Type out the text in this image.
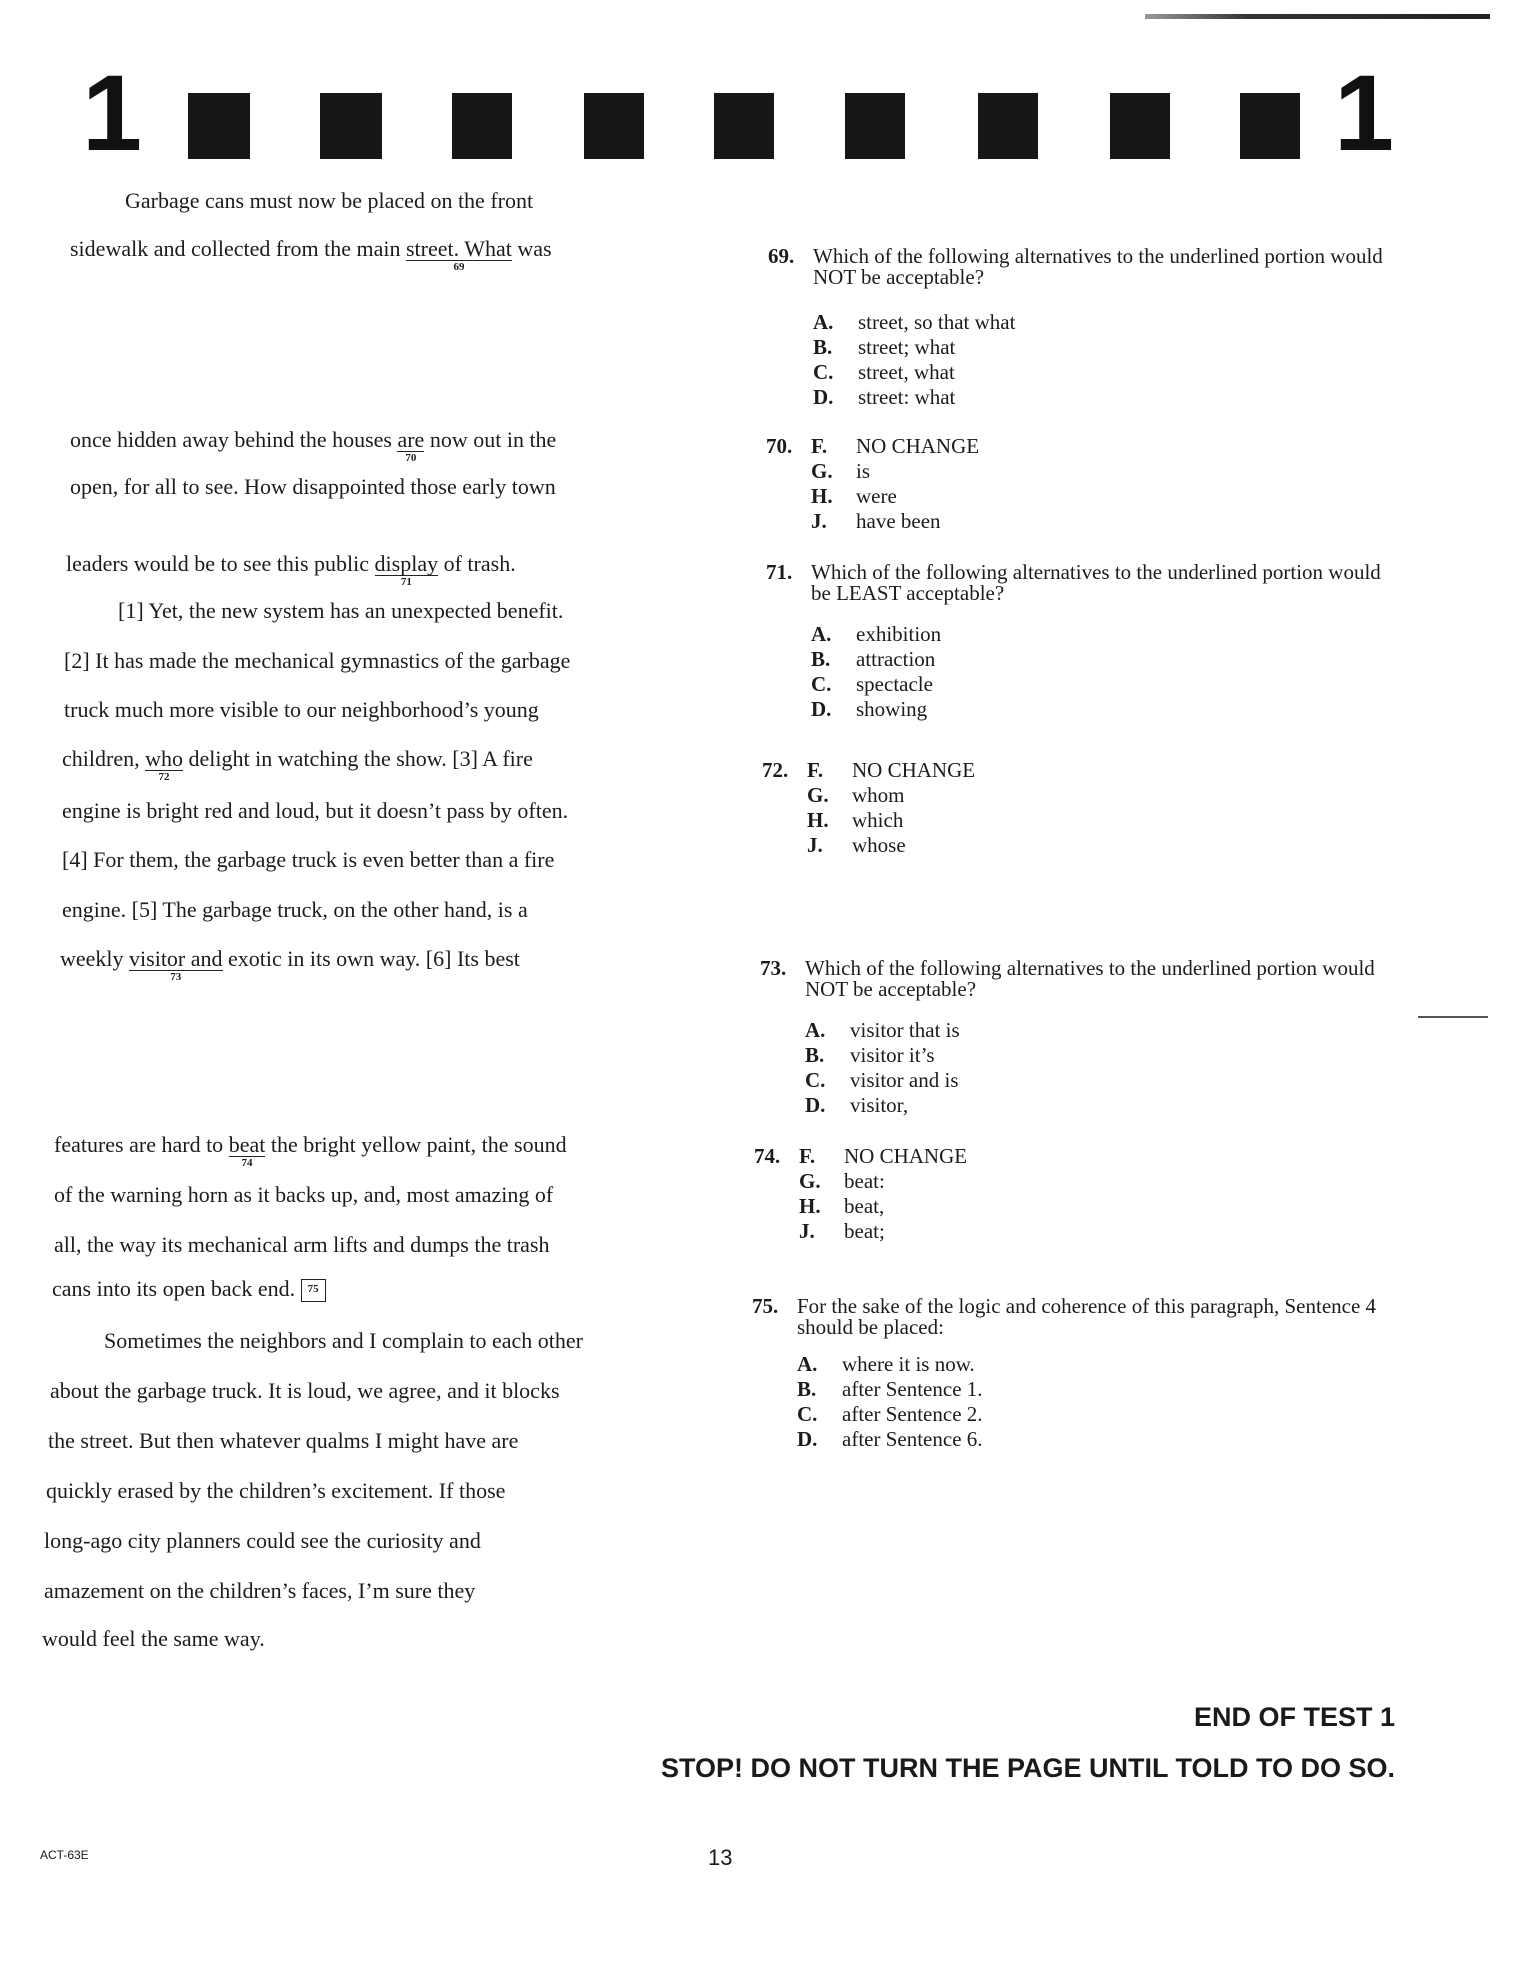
1	1
Garbage cans must now be placed on the front
sidewalk and collected from the main street. What
69
was
once hidden away behind the houses are
70
now out in the
open, for all to see. How disappointed those early town
leaders would be to see this public display
71
of trash.
[1] Yet, the new system has an unexpected benefit.
[2] It has made the mechanical gymnastics of the garbage
truck much more visible to our neighborhood’s young
children, who
72
delight in watching the show. [3] A fire
engine is bright red and loud, but it doesn’t pass by often.
[4] For them, the garbage truck is even better than a fire
engine. [5] The garbage truck, on the other hand, is a
weekly visitor and
73
exotic in its own way. [6] Its best
features are hard to beat
74
the bright yellow paint, the sound
of the warning horn as it backs up, and, most amazing of
all, the way its mechanical arm lifts and dumps the trash
cans into its open back end. 75
Sometimes the neighbors and I complain to each other
about the garbage truck. It is loud, we agree, and it blocks
the street. But then whatever qualms I might have are
quickly erased by the children’s excitement. If those
long-ago city planners could see the curiosity and
amazement on the children’s faces, I’m sure they
would feel the same way.
69. Which of the following alternatives to the underlined portion would NOT be acceptable?
A. street, so that what
B. street; what
C. street, what
D. street: what
70. F. NO CHANGE
G. is
H. were
J. have been
71. Which of the following alternatives to the underlined portion would be LEAST acceptable?
A. exhibition
B. attraction
C. spectacle
D. showing
72. F. NO CHANGE
G. whom
H. which
J. whose
73. Which of the following alternatives to the underlined portion would NOT be acceptable?
A. visitor that is
B. visitor it’s
C. visitor and is
D. visitor,
74. F. NO CHANGE
G. beat:
H. beat,
J. beat;
75. For the sake of the logic and coherence of this paragraph, Sentence 4 should be placed:
A. where it is now.
B. after Sentence 1.
C. after Sentence 2.
D. after Sentence 6.
END OF TEST 1
STOP! DO NOT TURN THE PAGE UNTIL TOLD TO DO SO.
ACT-63E	13
